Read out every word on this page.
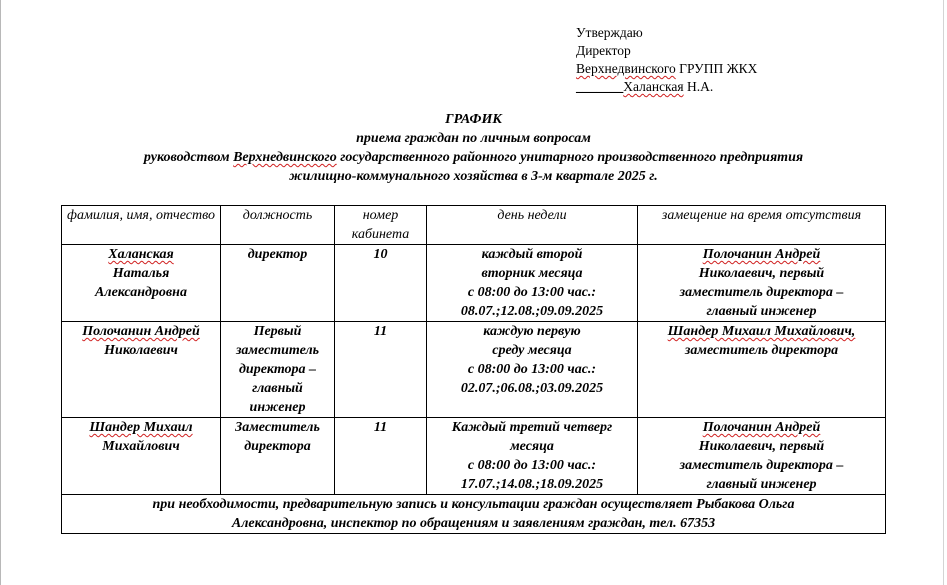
Утверждаю
Директор
Верхнедвинского ГРУПП ЖКХ
_______Халанская Н.А.
ГРАФИК
приема граждан по личным вопросам
руководством Верхнедвинского государственного районного унитарного производственного предприятия
жилищно-коммунального хозяйства в 3-м квартале 2025 г.
фамилия, имя, отчество	должность	номер кабинета	день недели	замещение на время отсутствия

Халанская
Наталья
Александровна	директор	10	каждый второй
вторник месяца
с 08:00 до 13:00 час.:
08.07.;12.08.;09.09.2025	Полочанин Андрей
Николаевич, первый
заместитель директора –
главный инженер

Полочанин Андрей
Николаевич	Первый
заместитель
директора –
главный
инженер	11	каждую первую
среду месяца
с 08:00 до 13:00 час.:
02.07.;06.08.;03.09.2025	Шандер Михаил Михайлович,
заместитель директора

Шандер Михаил
Михайлович	Заместитель
директора	11	Каждый третий четверг
месяца
с 08:00 до 13:00 час.:
17.07.;14.08.;18.09.2025	Полочанин Андрей
Николаевич, первый
заместитель директора –
главный инженер

при необходимости, предварительную запись и консультации граждан осуществляет Рыбакова Ольга
Александровна, инспектор по обращениям и заявлениям граждан, тел. 67353				
